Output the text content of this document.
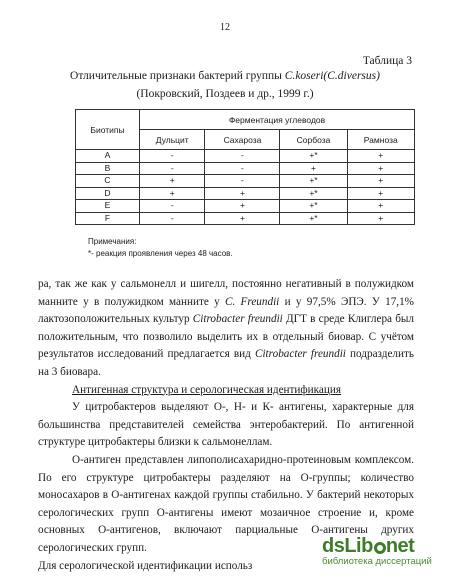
12
Таблица 3
Отличительные признаки бактерий группы C.koseri(C.diversus)
(Покровский, Поздеев и др., 1999 г.)
Биотипы	Ферментация углеводов			
	Дульцит	Сахароза	Сорбоза	Рамноза
A	-	-	+*	+
B	-	-	+	+
C	+	-	+*	+
D	+	+	+*	+
E	-	+	+*	+
F	-	+	+*	+
Примечания:
*- реакция проявления через 48 часов.

ра, так же как у сальмонелл и шигелл, постоянно негативный в полужидком манните у в полужидком манните у C. Freundii и у 97,5% ЭПЭ. У 17,1% лактозоположительных культур Citrobacter freundii ДГТ в среде Клиглера был положительным, что позволило выделить их в отдельный биовар. С учётом результатов исследований предлагается вид Citrobacter freundii подразделить на 3 биовара.

Антигенная структура и серологическая идентификация

У цитробактеров выделяют О-, Н- и К- антигены, характерные для большинства представителей семейства энтеробактерий. По антигенной структуре цитробактеры близки к сальмонеллам.

О-антиген представлен липополисахаридно-протеиновым комплексом. По его структуре цитробактеры разделяют на О-группы; количество моносахаров в О-антигенах каждой группы стабильно. У бактерий некоторых серологических групп О-антигены имеют мозаичное строение и, кроме основных О-антигенов, включают парциальные О-антигены других серологических групп.

Для серологической идентификации использ

dsLib net
библиотека диссертаций
